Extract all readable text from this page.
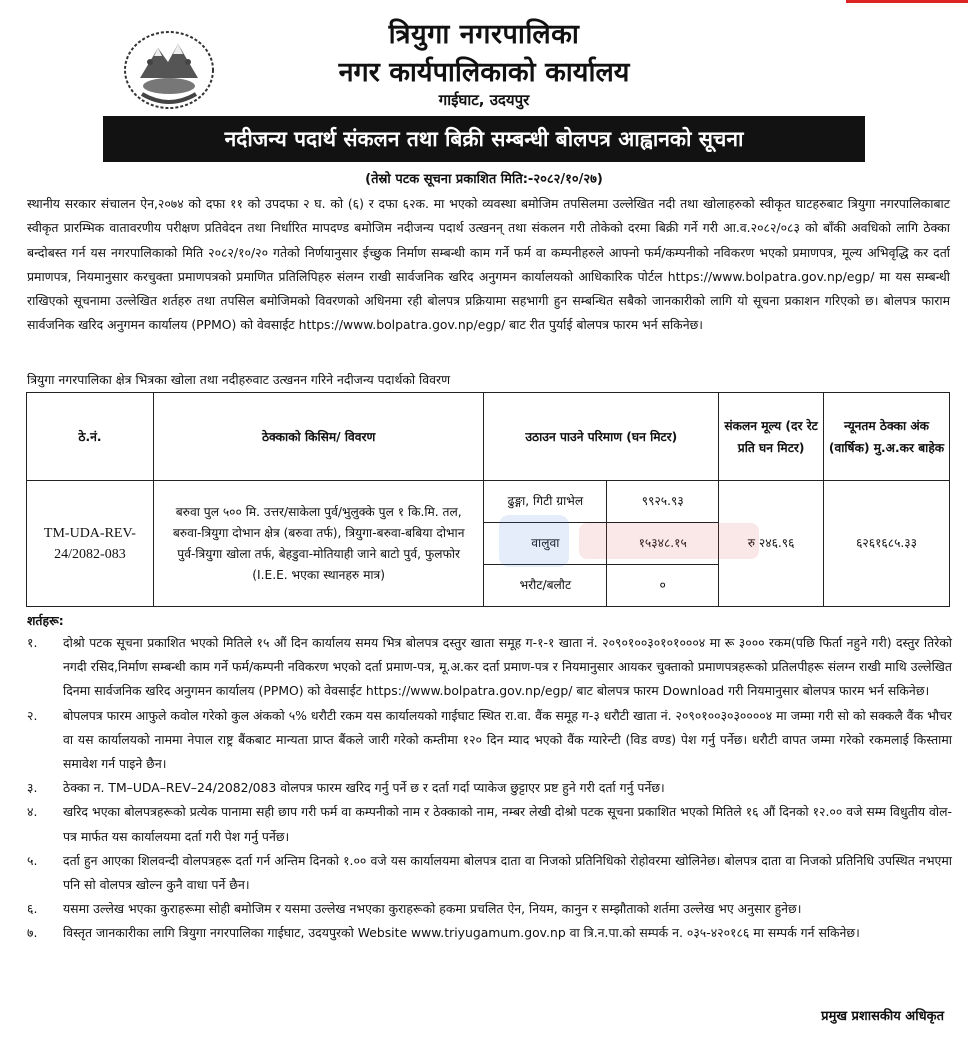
त्रियुगा नगरपालिका
नगर कार्यपालिकाको कार्यालय
गाईघाट, उदयपुर
नदीजन्य पदार्थ संकलन तथा बिक्री सम्बन्धी बोलपत्र आह्वानको सूचना
(तेस्रो पटक सूचना प्रकाशित मिति:-२०८२/१०/२७)
स्थानीय सरकार संचालन ऐन,२०७४ को दफा ११ को उपदफा २ घ. को (६) र दफा ६२क. मा भएको व्यवस्था बमोजिम तपसिलमा उल्लेखित नदी तथा खोलाहरुको स्वीकृत घाटहरुबाट त्रियुगा नगरपालिकाबाट स्वीकृत प्रारम्भिक वातावरणीय परीक्षण प्रतिवेदन तथा निर्धारित मापदण्ड बमोजिम नदीजन्य पदार्थ उत्खनन् तथा संकलन गरी तोकेको दरमा बिक्री गर्ने गरी आ.व.२०८२/०८३ को बाँकी अवधिको लागि ठेक्का बन्दोबस्त गर्न यस नगरपालिकाको मिति २०८२/१०/२० गतेको निर्णयानुसार ईच्छुक निर्माण सम्बन्धी काम गर्ने फर्म वा कम्पनीहरुले आफ्नो फर्म/कम्पनीको नविकरण भएको प्रमाणपत्र, मूल्य अभिवृद्धि कर दर्ता प्रमाणपत्र, नियमानुसार करचुक्ता प्रमाणपत्रको प्रमाणित प्रतिलिपिहरु संलग्न राखी सार्वजनिक खरिद अनुगमन कार्यालयको आधिकारिक पोर्टल https://www.bolpatra.gov.np/egp/ मा यस सम्बन्धी राखिएको सूचनामा उल्लेखित शर्तहरु तथा तपसिल बमोजिमको विवरणको अधिनमा रही बोलपत्र प्रक्रियामा सहभागी हुन सम्बन्धित सबैको जानकारीको लागि यो सूचना प्रकाशन गरिएको छ। बोलपत्र फाराम सार्वजनिक खरिद अनुगमन कार्यालय (PPMO) को वेवसाईट https://www.bolpatra.gov.np/egp/ बाट रीत पुर्याई बोलपत्र फारम भर्न सकिनेछ।
त्रियुगा नगरपालिका क्षेत्र भित्रका खोला तथा नदीहरुवाट उत्खनन गरिने नदीजन्य पदार्थको विवरण
ठे.नं.	ठेक्काको किसिम/ विवरण	उठाउन पाउने परिमाण (घन मिटर)		संकलन मूल्य (दर रेट प्रति घन मिटर)	न्यूनतम ठेक्का अंक (वार्षिक) मु.अ.कर बाहेक
TM-UDA-REV-24/2082-083	बरुवा पुल ५०० मि. उत्तर/साकेला पुर्व/भुलुक्के पुल १ कि.मि. तल, बरुवा-त्रियुगा दोभान क्षेत्र (बरुवा तर्फ), त्रियुगा-बरुवा-बबिया दोभान पुर्व-त्रियुगा खोला तर्फ, बेहडुवा-मोतियाही जाने बाटो पुर्व, फुलफोर (I.E.E. भएका स्थानहरु मात्र)	ढुङ्गा, गिटी ग्राभेल	९९२५.९३	रु २४६.९६	६२६१६८५.३३
		वालुवा	१५३४८.१५		
		भरौट/बलौट	०		
शर्तहरू:
१. दोश्रो पटक सूचना प्रकाशित भएको मितिले १५ औं दिन कार्यालय समय भित्र बोलपत्र दस्तुर खाता समूह ग-१-१ खाता नं. २०९०१००३०१०१०००४ मा रू ३००० रकम(पछि फिर्ता नहुने गरी) दस्तुर तिरेको नगदी रसिद,निर्माण सम्बन्धी काम गर्ने फर्म/कम्पनी नविकरण भएको दर्ता प्रमाण-पत्र, मू.अ.कर दर्ता प्रमाण-पत्र र नियमानुसार आयकर चुक्ताको प्रमाणपत्रहरूको प्रतिलपीहरू संलग्न राखी माथि उल्लेखित दिनमा सार्वजनिक खरिद अनुगमन कार्यालय (PPMO) को वेवसाईट https://www.bolpatra.gov.np/egp/ बाट बोलपत्र फारम Download गरी नियमानुसार बोलपत्र फारम भर्न सकिनेछ।
२. बोपलपत्र फारम आफुले कवोल गरेको कुल अंकको ५% धरौटी रकम यस कार्यालयको गाईघाट स्थित रा.वा. वैंक समूह ग-३ धरौटी खाता नं. २०९०१००३०३००००४ मा जम्मा गरी सो को सक्कलै वैंक भौचर वा यस कार्यालयको नाममा नेपाल राष्ट्र बैंकबाट मान्यता प्राप्त बैंकले जारी गरेको कम्तीमा १२० दिन म्याद भएको वैंक ग्यारेन्टी (विड वण्ड) पेश गर्नु पर्नेछ। धरौटी वापत जम्मा गरेको रकमलाई किस्तामा समावेश गर्न पाइने छैन।
३. ठेक्का न. TM–UDA–REV–24/2082/083 वोलपत्र फारम खरिद गर्नु पर्ने छ र दर्ता गर्दा प्याकेज छुट्टाएर प्रष्ट हुने गरी दर्ता गर्नु पर्नेछ।
४. खरिद भएका बोलपत्रहरूको प्रत्येक पानामा सही छाप गरी फर्म वा कम्पनीको नाम र ठेक्काको नाम, नम्बर लेखी दोश्रो पटक सूचना प्रकाशित भएको मितिले १६ औं दिनको १२.०० वजे सम्म विधुतीय वोल-पत्र मार्फत यस कार्यालयमा दर्ता गरी पेश गर्नु पर्नेछ।
५. दर्ता हुन आएका शिलवन्दी वोलपत्रहरू दर्ता गर्न अन्तिम दिनको १.०० वजे यस कार्यालयमा बोलपत्र दाता वा निजको प्रतिनिधिको रोहोवरमा खोलिनेछ। बोलपत्र दाता वा निजको प्रतिनिधि उपस्थित नभएमा पनि सो वोलपत्र खोल्न कुनै वाधा पर्ने छैन।
६. यसमा उल्लेख भएका कुराहरूमा सोही बमोजिम र यसमा उल्लेख नभएका कुराहरूको हकमा प्रचलित ऐन, नियम, कानुन र सम्झौताको शर्तमा उल्लेख भए अनुसार हुनेछ।
७. विस्तृत जानकारीका लागि त्रियुगा नगरपालिका गाईघाट, उदयपुरको Website www.triyugamum.gov.np वा त्रि.न.पा.को सम्पर्क न. ०३५-४२०१८६ मा सम्पर्क गर्न सकिनेछ।
प्रमुख प्रशासकीय अधिकृत
